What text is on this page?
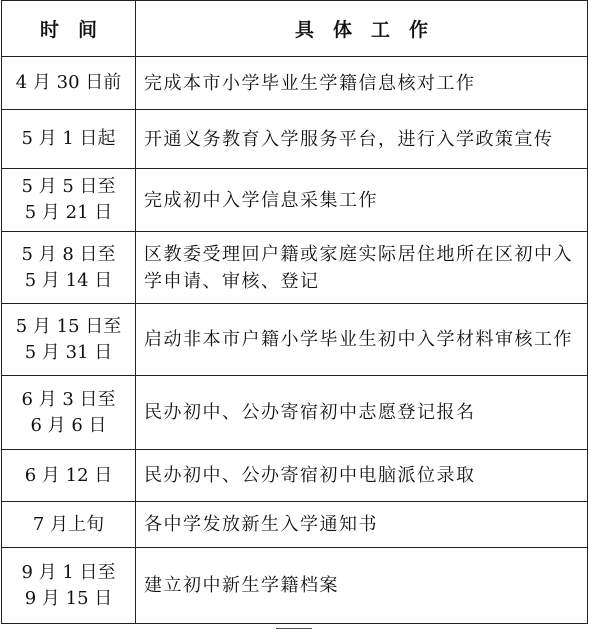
时　间	具　体　工　作

4 月 30 日前	完成本市小学毕业生学籍信息核对工作

5 月 1 日起	开通义务教育入学服务平台，进行入学政策宣传

5 月 5 日至
5 月 21 日	完成初中入学信息采集工作

5 月 8 日至
5 月 14 日	区教委受理回户籍或家庭实际居住地所在区初中入学申请、审核、登记

5 月 15 日至
5 月 31 日	启动非本市户籍小学毕业生初中入学材料审核工作

6 月 3 日至
6 月 6 日	民办初中、公办寄宿初中志愿登记报名

6 月 12 日	民办初中、公办寄宿初中电脑派位录取

7 月上旬	各中学发放新生入学通知书

9 月 1 日至
9 月 15 日	建立初中新生学籍档案
